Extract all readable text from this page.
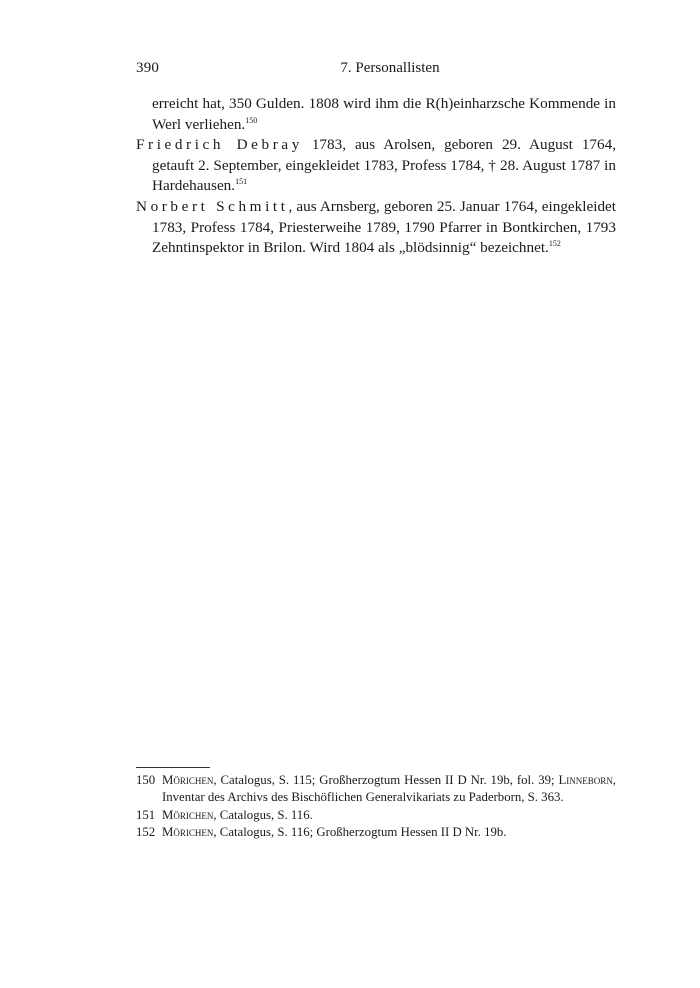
390	7. Personallisten

erreicht hat, 350 Gulden. 1808 wird ihm die R(h)einharzsche Kommende in Werl verliehen.$^{150}$

Friedrich Debray 1783, aus Arolsen, geboren 29. August 1764, getauft 2. September, eingekleidet 1783, Profess 1784, † 28. August 1787 in Hardehausen.$^{151}$

Norbert Schmitt, aus Arnsberg, geboren 25. Januar 1764, eingekleidet 1783, Profess 1784, Priesterweihe 1789, 1790 Pfarrer in Bontkirchen, 1793 Zehntinspektor in Brilon. Wird 1804 als „blödsinnig“ bezeichnet.$^{152}$

150 Mörichen, Catalogus, S. 115; Großherzogtum Hessen II D Nr. 19b, fol. 39; Linneborn, Inventar des Archivs des Bischöflichen Generalvikariats zu Paderborn, S. 363.
151 Mörichen, Catalogus, S. 116.
152 Mörichen, Catalogus, S. 116; Großherzogtum Hessen II D Nr. 19b.
